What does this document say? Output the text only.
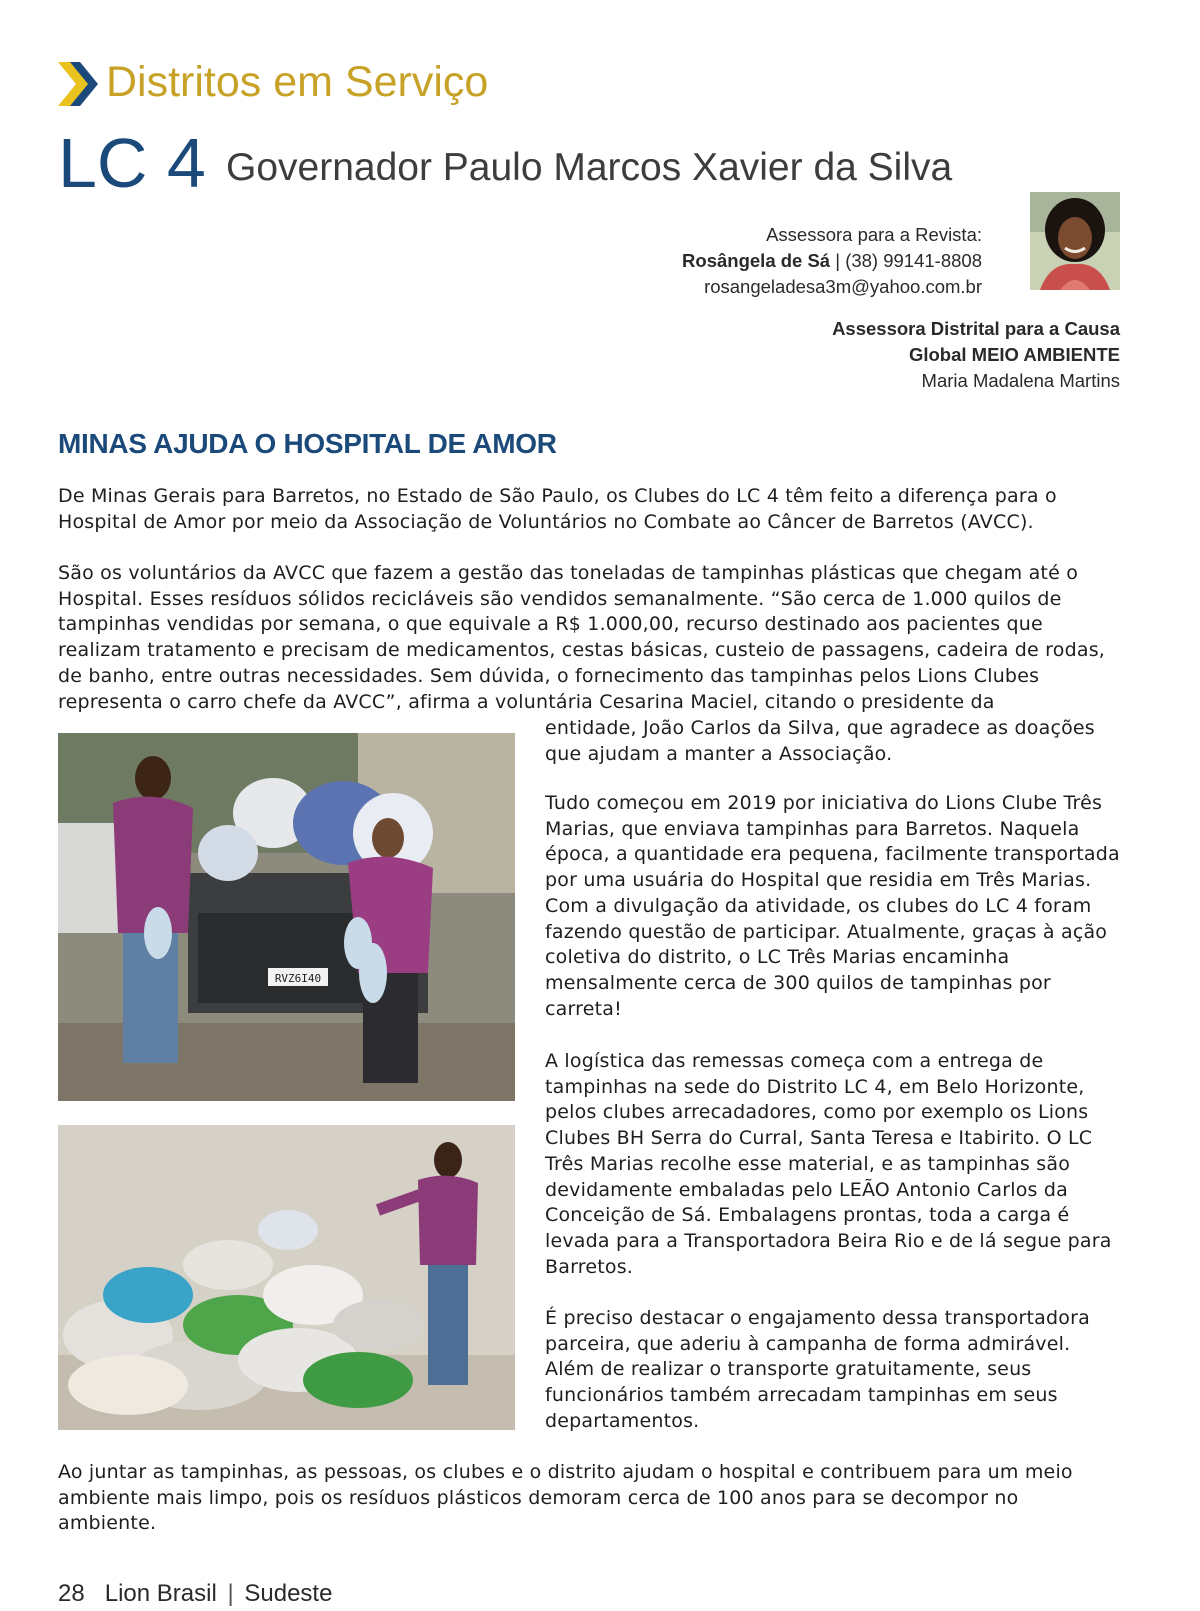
Distritos em Serviço
LC 4 Governador Paulo Marcos Xavier da Silva
Assessora para a Revista:
Rosângela de Sá | (38) 99141-8808
rosangeladesa3m@yahoo.com.br
Assessora Distrital para a Causa
Global MEIO AMBIENTE
Maria Madalena Martins
MINAS AJUDA O HOSPITAL DE AMOR

De Minas Gerais para Barretos, no Estado de São Paulo, os Clubes do LC 4 têm feito a diferença para o Hospital de Amor por meio da Associação de Voluntários no Combate ao Câncer de Barretos (AVCC).

São os voluntários da AVCC que fazem a gestão das toneladas de tampinhas plásticas que chegam até o Hospital. Esses resíduos sólidos recicláveis são vendidos semanalmente. “São cerca de 1.000 quilos de tampinhas vendidas por semana, o que equivale a R$ 1.000,00, recurso destinado aos pacientes que realizam tratamento e precisam de medicamentos, cestas básicas, custeio de passagens, cadeira de rodas, de banho, entre outras necessidades. Sem dúvida, o fornecimento das tampinhas pelos Lions Clubes representa o carro chefe da AVCC”, afirma a voluntária Cesarina Maciel, citando o presidente da

entidade, João Carlos da Silva, que agradece as doações que ajudam a manter a Associação.

Tudo começou em 2019 por iniciativa do Lions Clube Três Marias, que enviava tampinhas para Barretos. Naquela época, a quantidade era pequena, facilmente transportada por uma usuária do Hospital que residia em Três Marias. Com a divulgação da atividade, os clubes do LC 4 foram fazendo questão de participar. Atualmente, graças à ação coletiva do distrito, o LC Três Marias encaminha mensalmente cerca de 300 quilos de tampinhas por carreta!

A logística das remessas começa com a entrega de tampinhas na sede do Distrito LC 4, em Belo Horizonte, pelos clubes arrecadadores, como por exemplo os Lions Clubes BH Serra do Curral, Santa Teresa e Itabirito. O LC Três Marias recolhe esse material, e as tampinhas são devidamente embaladas pelo LEÃO Antonio Carlos da Conceição de Sá. Embalagens prontas, toda a carga é levada para a Transportadora Beira Rio e de lá segue para Barretos.

É preciso destacar o engajamento dessa transportadora parceira, que aderiu à campanha de forma admirável. Além de realizar o transporte gratuitamente, seus funcionários também arrecadam tampinhas em seus departamentos.

Ao juntar as tampinhas, as pessoas, os clubes e o distrito ajudam o hospital e contribuem para um meio ambiente mais limpo, pois os resíduos plásticos demoram cerca de 100 anos para se decompor no ambiente.

RVZ6I40
28 Lion Brasil | Sudeste
